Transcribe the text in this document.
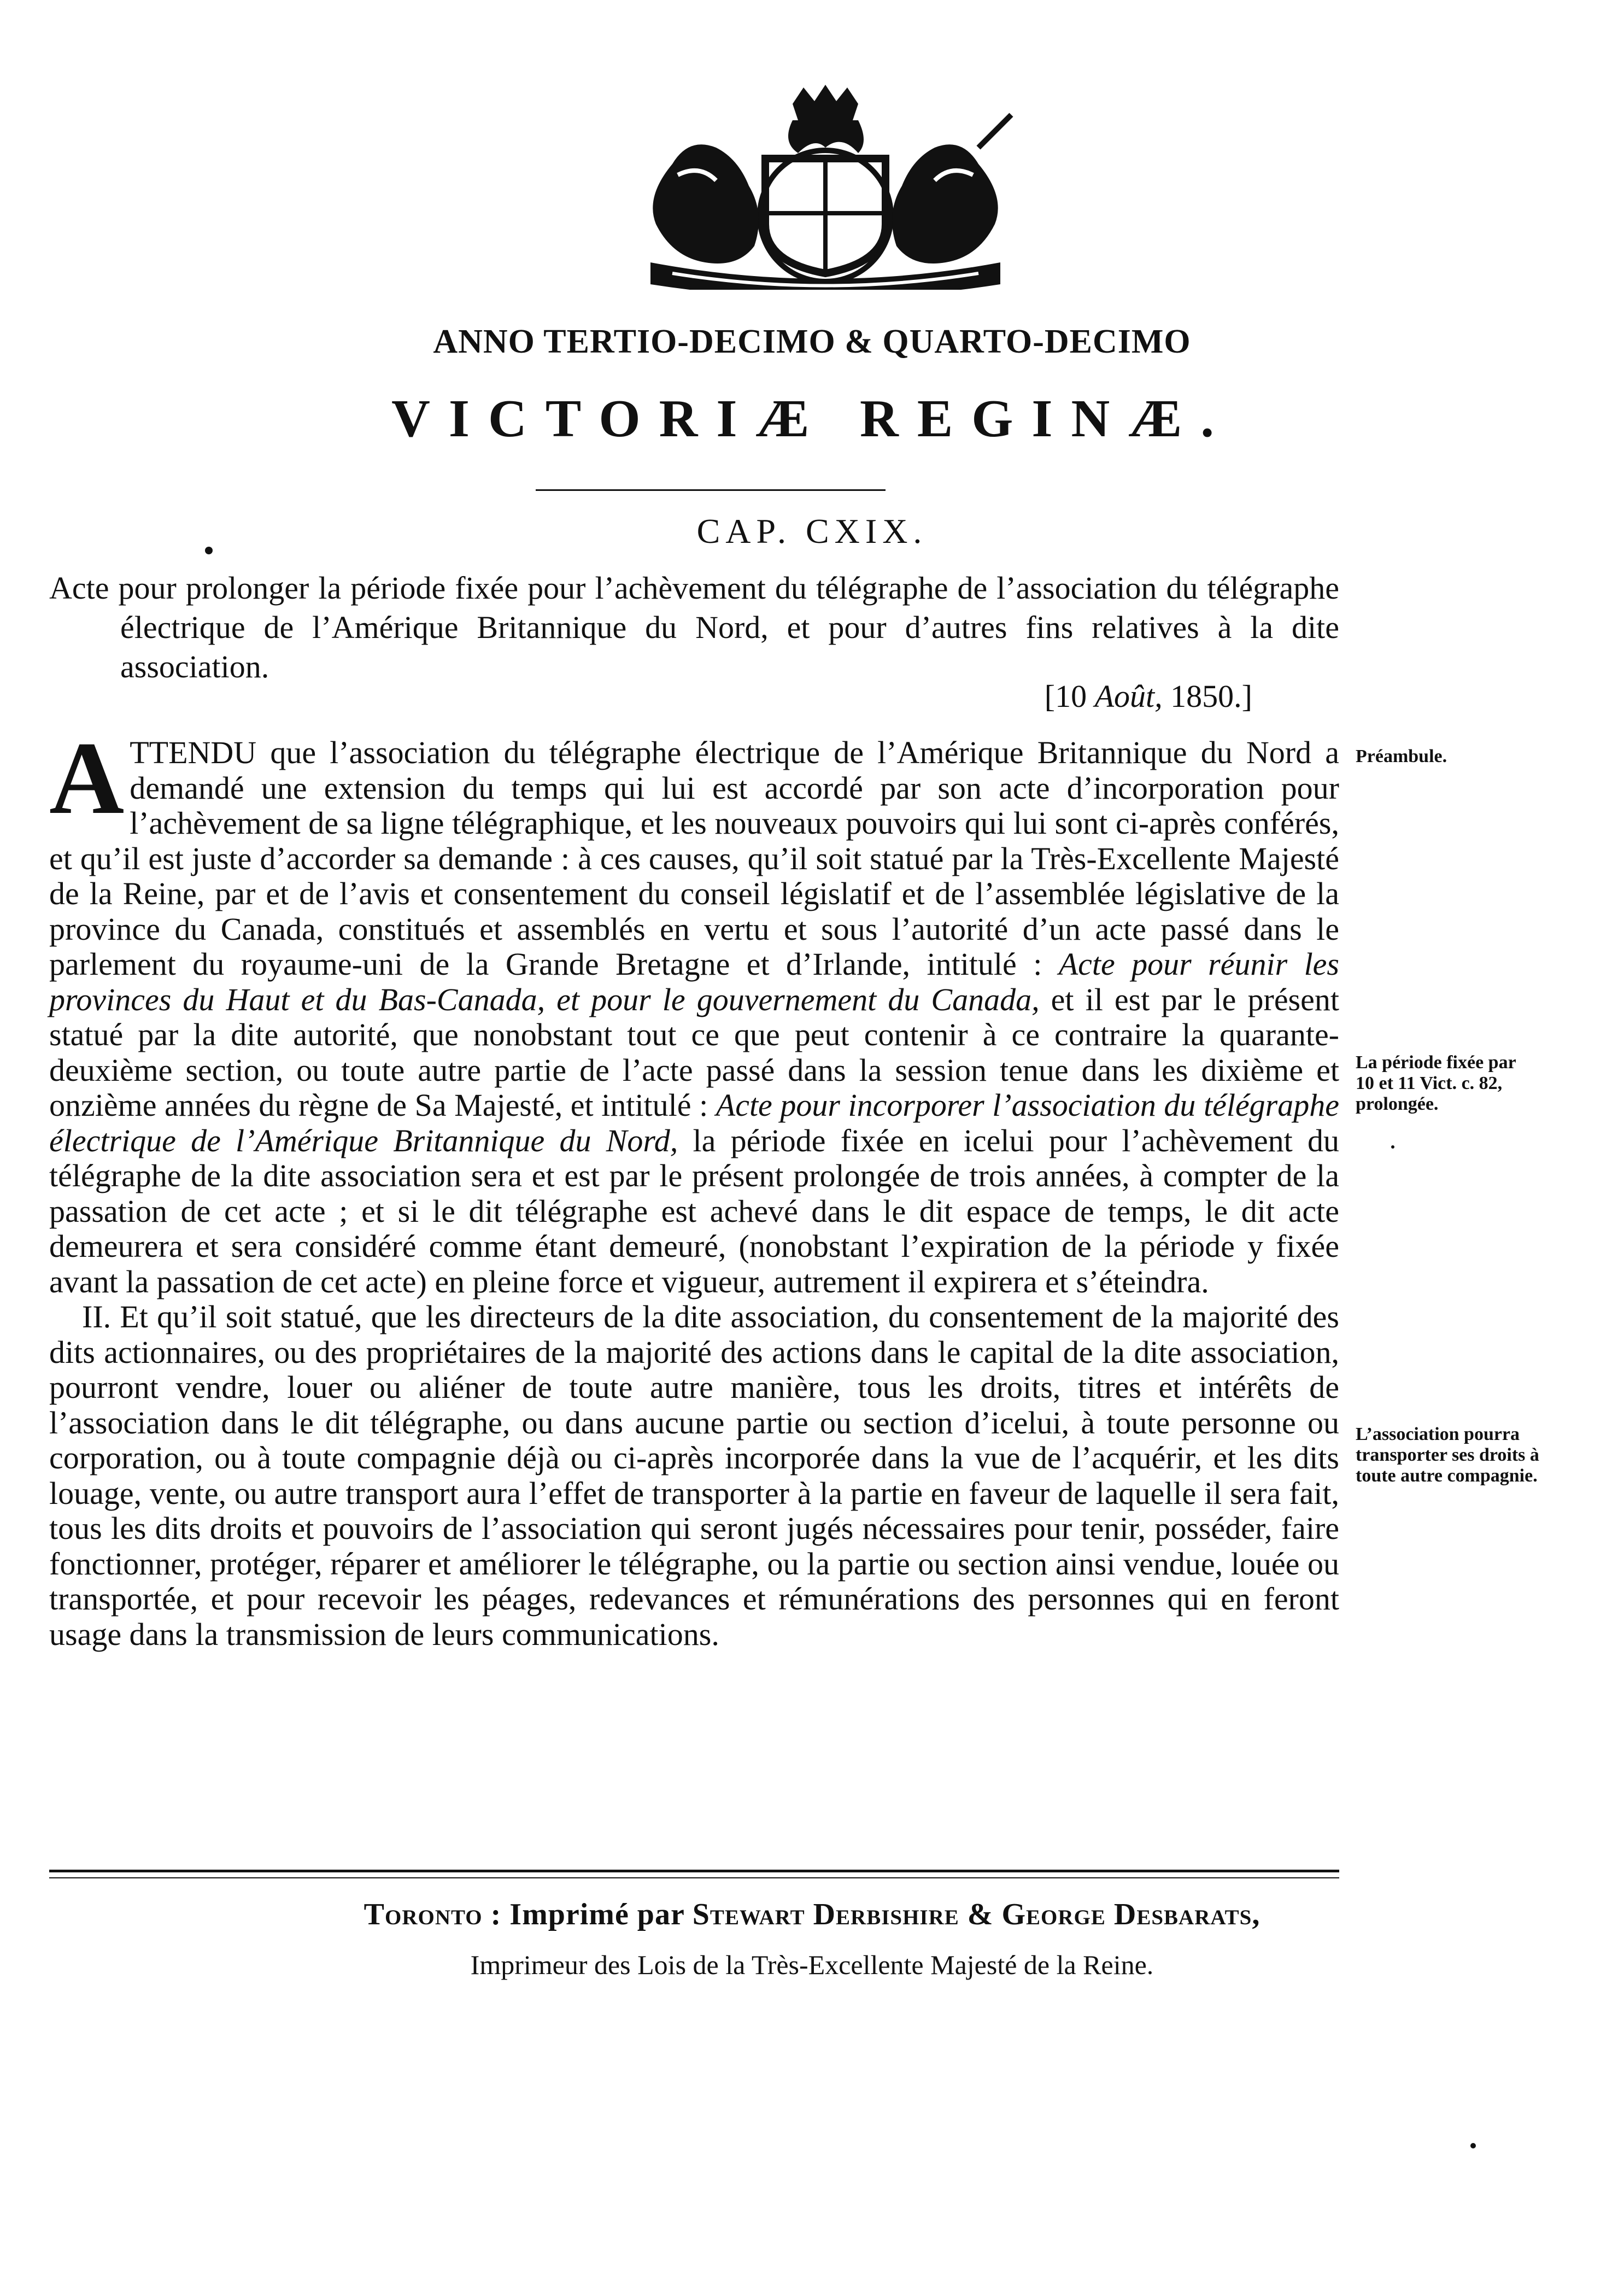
ANNO TERTIO-DECIMO & QUARTO-DECIMO
VICTORIÆ REGINÆ.
CAP. CXIX.
Acte pour prolonger la période fixée pour l’achèvement du télégraphe de l’association du télégraphe électrique de l’Amérique Britannique du Nord, et pour d’autres fins relatives à la dite association.
[10 Août, 1850.]

ATTENDU que l’association du télégraphe électrique de l’Amérique Britannique du Nord a demandé une extension du temps qui lui est accordé par son acte d’incorporation pour l’achèvement de sa ligne télégraphique, et les nouveaux pouvoirs qui lui sont ci-après conférés, et qu’il est juste d’accorder sa demande : à ces causes, qu’il soit statué par la Très-Excellente Majesté de la Reine, par et de l’avis et consentement du conseil législatif et de l’assemblée législative de la province du Canada, constitués et assemblés en vertu et sous l’autorité d’un acte passé dans le parlement du royaume-uni de la Grande Bretagne et d’Irlande, intitulé : Acte pour réunir les provinces du Haut et du Bas-Canada, et pour le gouvernement du Canada, et il est par le présent statué par la dite autorité, que nonobstant tout ce que peut contenir à ce contraire la quarante-deuxième section, ou toute autre partie de l’acte passé dans la session tenue dans les dixième et onzième années du règne de Sa Majesté, et intitulé : Acte pour incorporer l’association du télégraphe électrique de l’Amérique Britannique du Nord, la période fixée en icelui pour l’achèvement du télégraphe de la dite association sera et est par le présent prolongée de trois années, à compter de la passation de cet acte ; et si le dit télégraphe est achevé dans le dit espace de temps, le dit acte demeurera et sera considéré comme étant demeuré, (nonobstant l’expiration de la période y fixée avant la passation de cet acte) en pleine force et vigueur, autrement il expirera et s’éteindra.

II. Et qu’il soit statué, que les directeurs de la dite association, du consentement de la majorité des dits actionnaires, ou des propriétaires de la majorité des actions dans le capital de la dite association, pourront vendre, louer ou aliéner de toute autre manière, tous les droits, titres et intérêts de l’association dans le dit télégraphe, ou dans aucune partie ou section d’icelui, à toute personne ou corporation, ou à toute compagnie déjà ou ci-après incorporée dans la vue de l’acquérir, et les dits louage, vente, ou autre transport aura l’effet de transporter à la partie en faveur de laquelle il sera fait, tous les dits droits et pouvoirs de l’association qui seront jugés nécessaires pour tenir, posséder, faire fonctionner, protéger, réparer et améliorer le télégraphe, ou la partie ou section ainsi vendue, louée ou transportée, et pour recevoir les péages, redevances et rémunérations des personnes qui en feront usage dans la transmission de leurs communications.

Préambule.
La période fixée par
10 et 11 Vict. c. 82,
prolongée.
L’association pourra transporter ses droits à toute autre compagnie.
Toronto : Imprimé par Stewart Derbishire & George Desbarats,
Imprimeur des Lois de la Très-Excellente Majesté de la Reine.
